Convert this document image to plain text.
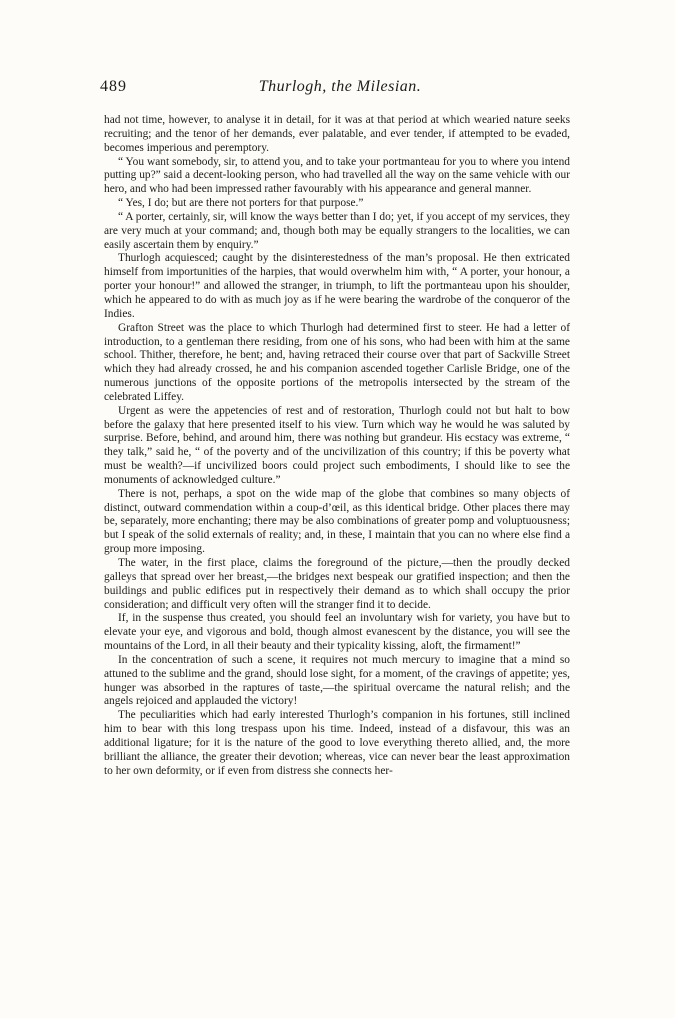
489	Thurlogh, the Milesian.

had not time, however, to analyse it in detail, for it was at that period at which wearied nature seeks recruiting; and the tenor of her demands, ever palatable, and ever tender, if attempted to be evaded, becomes imperious and peremptory.

“ You want somebody, sir, to attend you, and to take your portmanteau for you to where you intend putting up?” said a decent-looking person, who had travelled all the way on the same vehicle with our hero, and who had been impressed rather favourably with his appearance and general manner.

“ Yes, I do; but are there not porters for that purpose.”

“ A porter, certainly, sir, will know the ways better than I do; yet, if you accept of my services, they are very much at your command; and, though both may be equally strangers to the localities, we can easily ascertain them by enquiry.”

Thurlogh acquiesced; caught by the disinterestedness of the man’s proposal. He then extricated himself from importunities of the harpies, that would overwhelm him with, “ A porter, your honour, a porter your honour!” and allowed the stranger, in triumph, to lift the portmanteau upon his shoulder, which he appeared to do with as much joy as if he were bearing the wardrobe of the conqueror of the Indies.

Grafton Street was the place to which Thurlogh had determined first to steer. He had a letter of introduction, to a gentleman there residing, from one of his sons, who had been with him at the same school. Thither, therefore, he bent; and, having retraced their course over that part of Sackville Street which they had already crossed, he and his companion ascended together Carlisle Bridge, one of the numerous junctions of the opposite portions of the metropolis intersected by the stream of the celebrated Liffey.

Urgent as were the appetencies of rest and of restoration, Thurlogh could not but halt to bow before the galaxy that here presented itself to his view. Turn which way he would he was saluted by surprise. Before, behind, and around him, there was nothing but grandeur. His ecstacy was extreme, “ they talk,” said he, “ of the poverty and of the uncivilization of this country; if this be poverty what must be wealth?—if uncivilized boors could project such embodiments, I should like to see the monuments of acknowledged culture.”

There is not, perhaps, a spot on the wide map of the globe that combines so many objects of distinct, outward commendation within a coup-d’œil, as this identical bridge. Other places there may be, separately, more enchanting; there may be also combinations of greater pomp and voluptuousness; but I speak of the solid externals of reality; and, in these, I maintain that you can no where else find a group more imposing.

The water, in the first place, claims the foreground of the picture,—then the proudly decked galleys that spread over her breast,—the bridges next bespeak our gratified inspection; and then the buildings and public edifices put in respectively their demand as to which shall occupy the prior consideration; and difficult very often will the stranger find it to decide.

If, in the suspense thus created, you should feel an involuntary wish for variety, you have but to elevate your eye, and vigorous and bold, though almost evanescent by the distance, you will see the mountains of the Lord, in all their beauty and their typicality kissing, aloft, the firmament!”

In the concentration of such a scene, it requires not much mercury to imagine that a mind so attuned to the sublime and the grand, should lose sight, for a moment, of the cravings of appetite; yes, hunger was absorbed in the raptures of taste,—the spiritual overcame the natural relish; and the angels rejoiced and applauded the victory!

The peculiarities which had early interested Thurlogh’s companion in his fortunes, still inclined him to bear with this long trespass upon his time. Indeed, instead of a disfavour, this was an additional ligature; for it is the nature of the good to love everything thereto allied, and, the more brilliant the alliance, the greater their devotion; whereas, vice can never bear the least approximation to her own deformity, or if even from distress she connects her-
